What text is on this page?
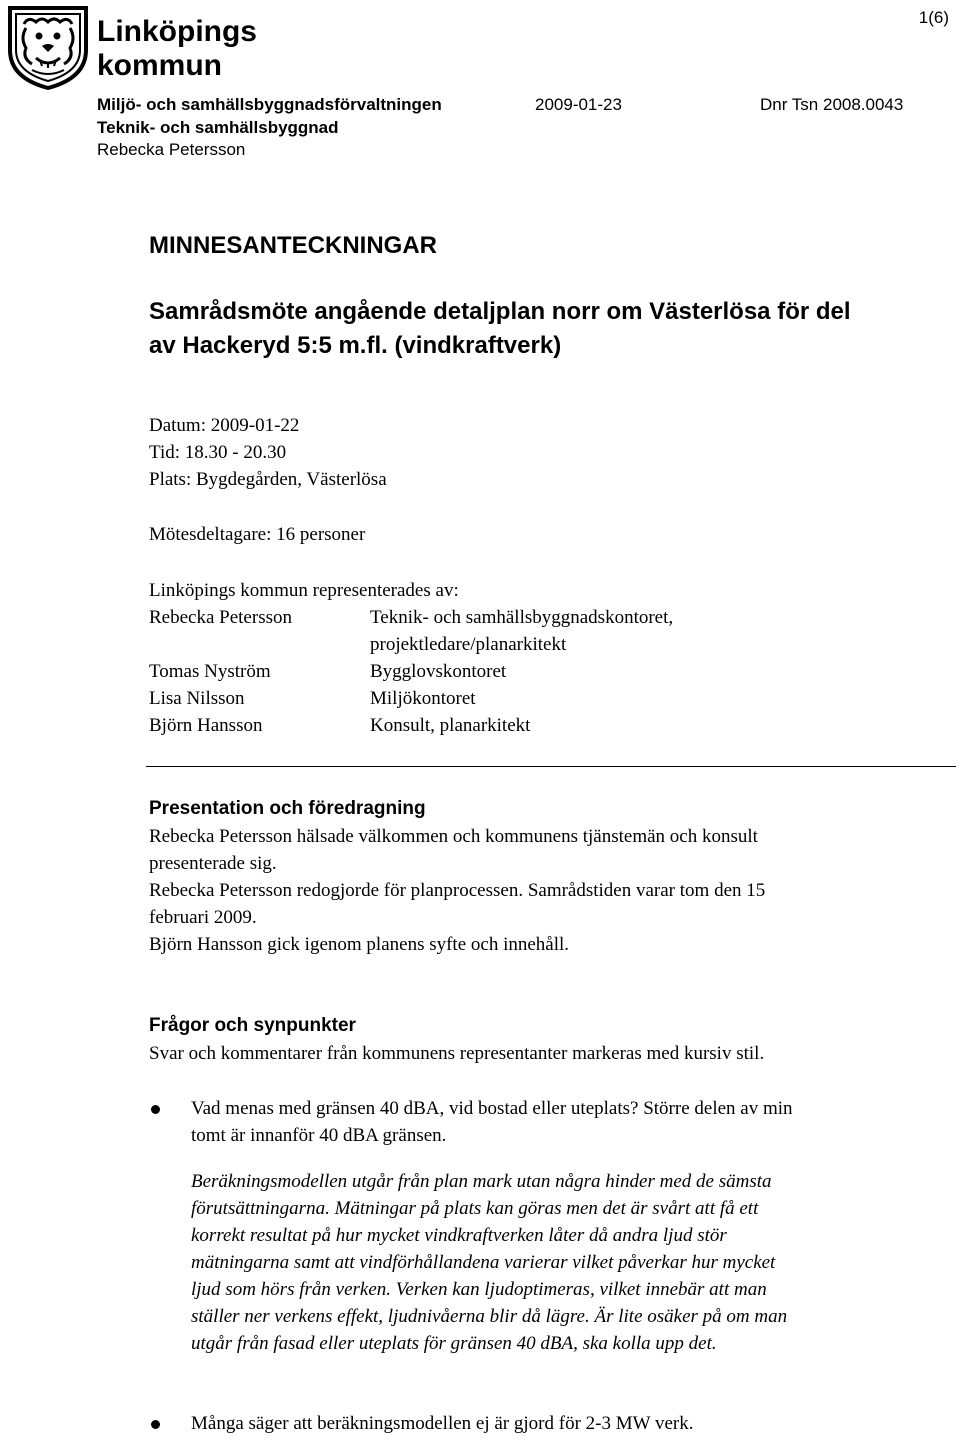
Linköpings
kommun
1(6)
Miljö- och samhällsbyggnadsförvaltningen	2009-01-23	Dnr Tsn 2008.0043
Teknik- och samhällsbyggnad
Rebecka Petersson
MINNESANTECKNINGAR
Samrådsmöte angående detaljplan norr om Västerlösa för del
av Hackeryd 5:5 m.fl. (vindkraftverk)
Datum: 2009-01-22
Tid: 18.30 - 20.30
Plats: Bygdegården, Västerlösa
Mötesdeltagare: 16 personer
Linköpings kommun representerades av:
Rebecka Petersson	Teknik- och samhällsbyggnadskontoret,
projektledare/planarkitekt
Tomas Nyström	Bygglovskontoret
Lisa Nilsson	Miljökontoret
Björn Hansson	Konsult, planarkitekt
Presentation och föredragning
Rebecka Petersson hälsade välkommen och kommunens tjänstemän och konsult
presenterade sig.
Rebecka Petersson redogjorde för planprocessen. Samrådstiden varar tom den 15
februari 2009.
Björn Hansson gick igenom planens syfte och innehåll.
Frågor och synpunkter
Svar och kommentarer från kommunens representanter markeras med kursiv stil.
Vad menas med gränsen 40 dBA, vid bostad eller uteplats? Större delen av min
tomt är innanför 40 dBA gränsen.
Beräkningsmodellen utgår från plan mark utan några hinder med de sämsta
förutsättningarna. Mätningar på plats kan göras men det är svårt att få ett
korrekt resultat på hur mycket vindkraftverken låter då andra ljud stör
mätningarna samt att vindförhållandena varierar vilket påverkar hur mycket
ljud som hörs från verken. Verken kan ljudoptimeras, vilket innebär att man
ställer ner verkens effekt, ljudnivåerna blir då lägre. Är lite osäker på om man
utgår från fasad eller uteplats för gränsen 40 dBA, ska kolla upp det.
Många säger att beräkningsmodellen ej är gjord för 2-3 MW verk.
